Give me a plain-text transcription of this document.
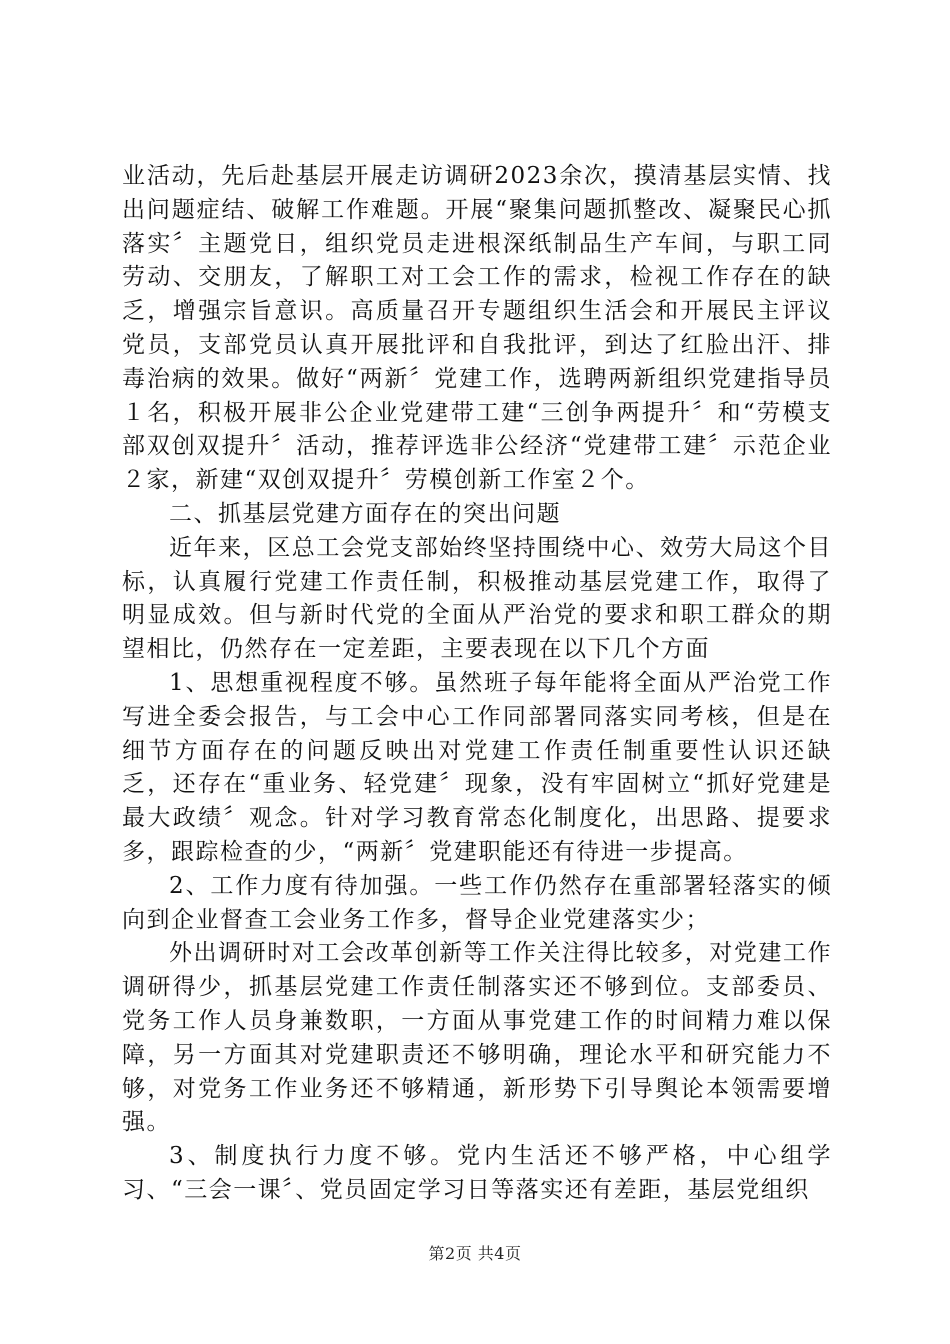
业活动，先后赴基层开展走访调研2023余次，摸清基层实情、找出问题症结、破解工作难题。开展“聚集问题抓整改、凝聚民心抓落实〞主题党日，组织党员走进根深纸制品生产车间，与职工同劳动、交朋友，了解职工对工会工作的需求，检视工作存在的缺乏，增强宗旨意识。高质量召开专题组织生活会和开展民主评议党员，支部党员认真开展批评和自我批评，到达了红脸出汗、排毒治病的效果。做好“两新〞党建工作，选聘两新组织党建指导员１名，积极开展非公企业党建带工建“三创争两提升〞和“劳模支部双创双提升〞活动，推荐评选非公经济“党建带工建〞示范企业２家，新建“双创双提升〞劳模创新工作室２个。

二、抓基层党建方面存在的突出问题

近年来，区总工会党支部始终坚持围绕中心、效劳大局这个目标，认真履行党建工作责任制，积极推动基层党建工作，取得了明显成效。但与新时代党的全面从严治党的要求和职工群众的期望相比，仍然存在一定差距，主要表现在以下几个方面

1、思想重视程度不够。虽然班子每年能将全面从严治党工作写进全委会报告，与工会中心工作同部署同落实同考核，但是在细节方面存在的问题反映出对党建工作责任制重要性认识还缺乏，还存在“重业务、轻党建〞现象，没有牢固树立“抓好党建是最大政绩〞观念。针对学习教育常态化制度化，出思路、提要求多，跟踪检查的少，“两新〞党建职能还有待进一步提高。

2、工作力度有待加强。一些工作仍然存在重部署轻落实的倾向到企业督查工会业务工作多，督导企业党建落实少；

外出调研时对工会改革创新等工作关注得比较多，对党建工作调研得少，抓基层党建工作责任制落实还不够到位。支部委员、党务工作人员身兼数职，一方面从事党建工作的时间精力难以保障，另一方面其对党建职责还不够明确，理论水平和研究能力不够，对党务工作业务还不够精通，新形势下引导舆论本领需要增强。

3、制度执行力度不够。党内生活还不够严格，中心组学习、“三会一课〞、党员固定学习日等落实还有差距，基层党组织

第2页 共4页
